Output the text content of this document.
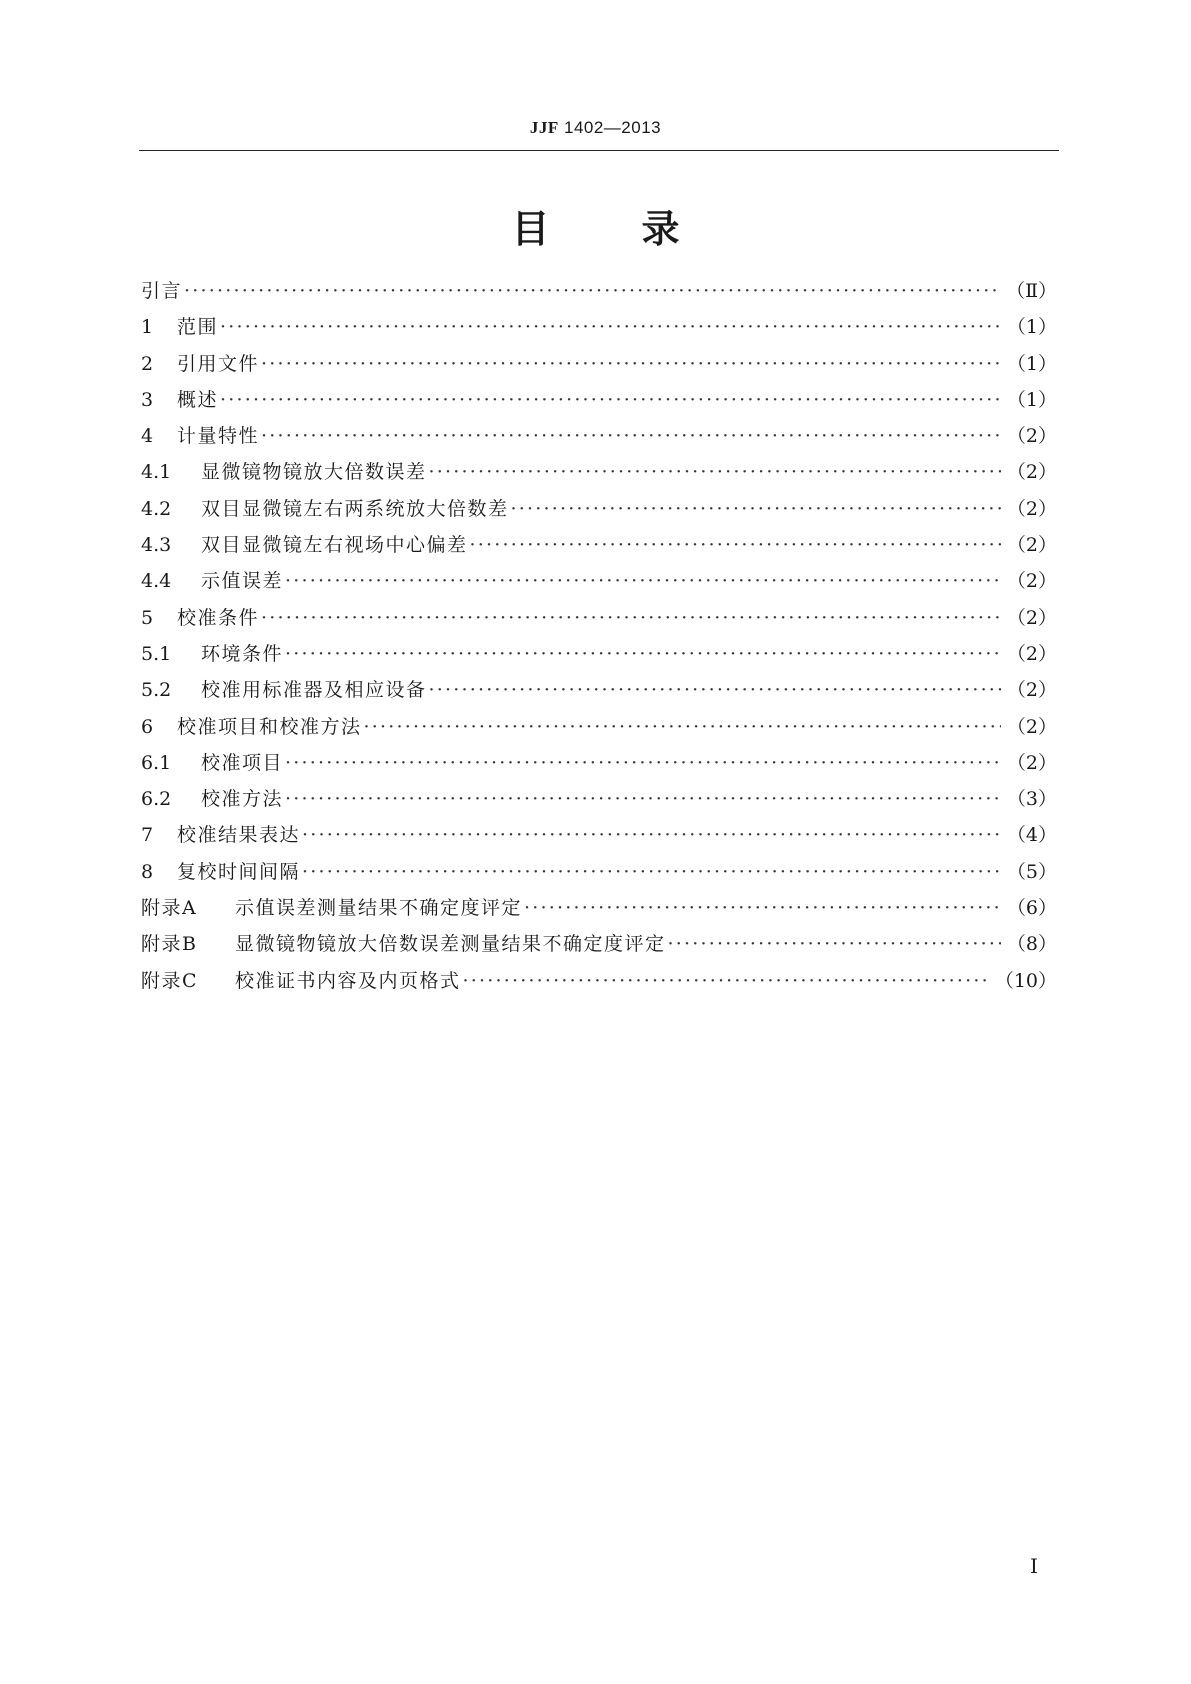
JJF 1402—2013
目 录
引言 ·····	（Ⅱ）
1	范围 ·····	（1）
2	引用文件 ·····	（1）
3	概述 ·····	（1）
4	计量特性 ·····	（2）
4.1	显微镜物镜放大倍数误差 ·····	（2）
4.2	双目显微镜左右两系统放大倍数差 ·····	（2）
4.3	双目显微镜左右视场中心偏差 ·····	（2）
4.4	示值误差 ·····	（2）
5	校准条件 ·····	（2）
5.1	环境条件 ·····	（2）
5.2	校准用标准器及相应设备 ·····	（2）
6	校准项目和校准方法 ·····	（2）
6.1	校准项目 ·····	（2）
6.2	校准方法 ·····	（3）
7	校准结果表达 ·····	（4）
8	复校时间间隔 ·····	（5）
附录A	示值误差测量结果不确定度评定 ·····	（6）
附录B	显微镜物镜放大倍数误差测量结果不确定度评定 ·····	（8）
附录C	校准证书内容及内页格式 ·····	（10）
Ⅰ
